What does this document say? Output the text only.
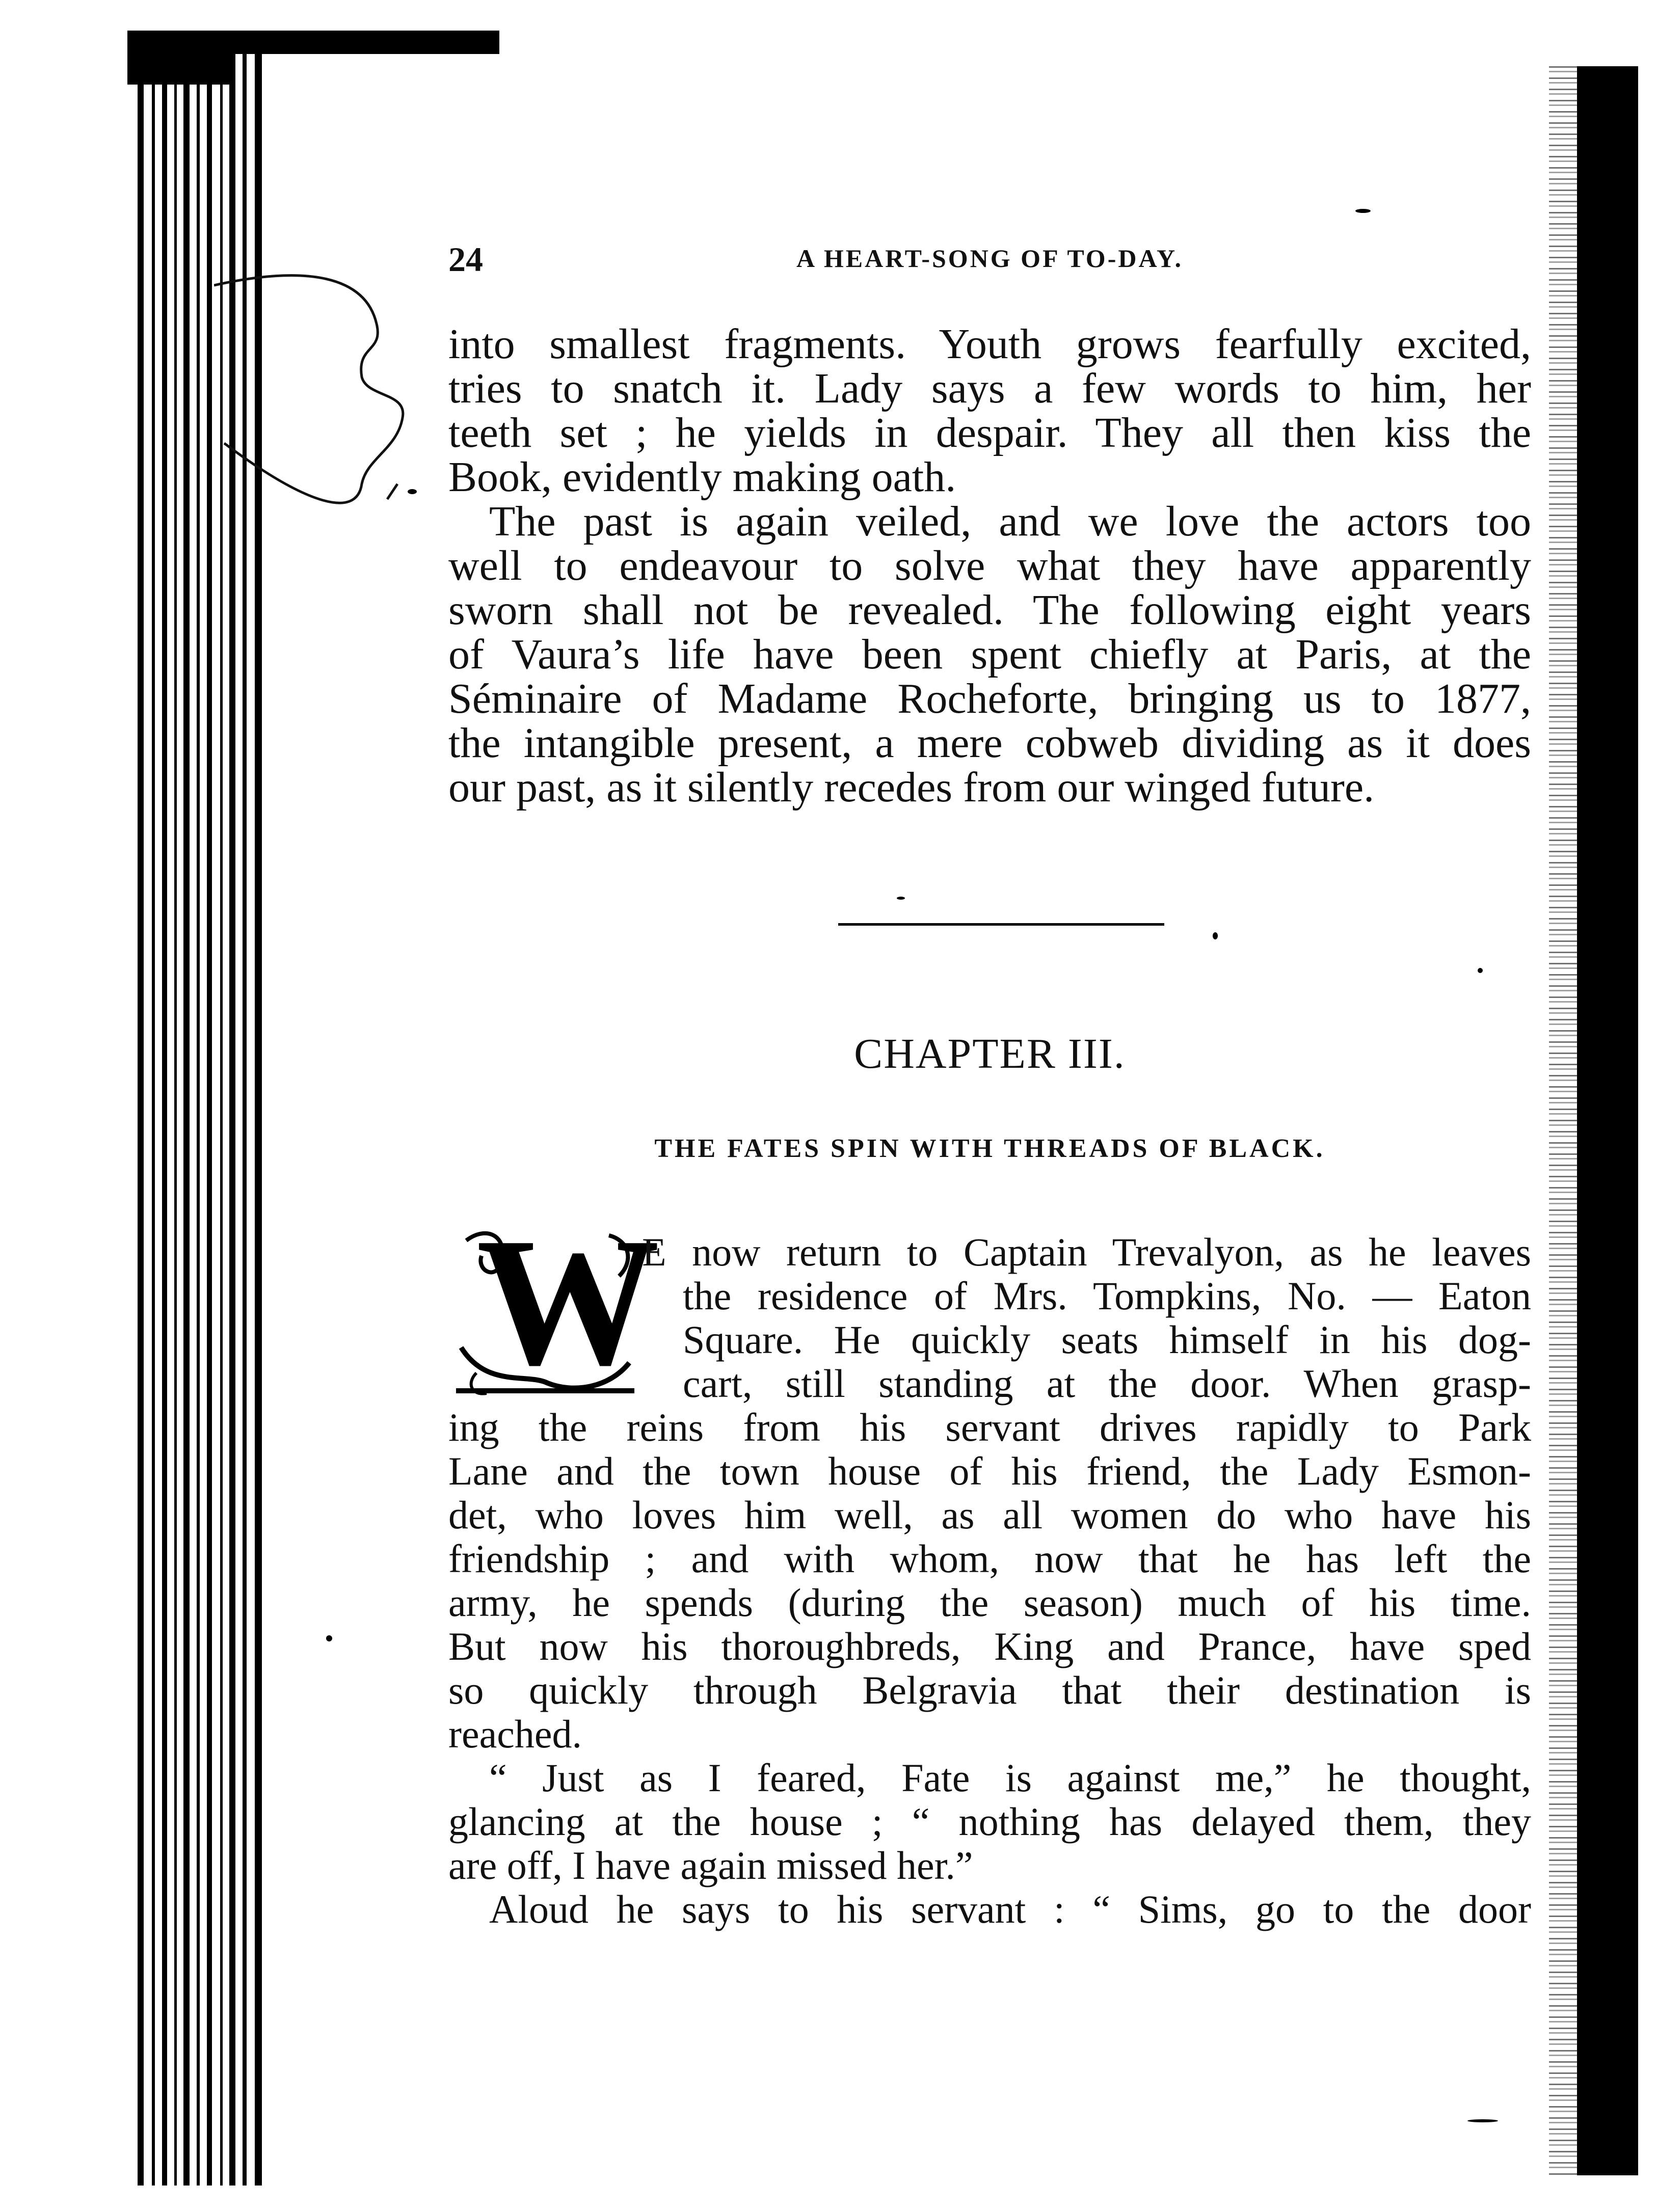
24	A HEART-SONG OF TO-DAY.
into smallest fragments. Youth grows fearfully excited,
tries to snatch it. Lady says a few words to him, her
teeth set ; he yields in despair. They all then kiss the
Book, evidently making oath.
The past is again veiled, and we love the actors too
well to endeavour to solve what they have apparently
sworn shall not be revealed. The following eight years
of Vaura’s life have been spent chiefly at Paris, at the
Séminaire of Madame Rocheforte, bringing us to 1877,
the intangible present, a mere cobweb dividing as it does
our past, as it silently recedes from our winged future.
CHAPTER III.
THE FATES SPIN WITH THREADS OF BLACK.
W
E now return to Captain Trevalyon, as he leaves
the residence of Mrs. Tompkins, No. — Eaton
Square. He quickly seats himself in his dog-
cart, still standing at the door. When grasp-
ing the reins from his servant drives rapidly to Park
Lane and the town house of his friend, the Lady Esmon-
det, who loves him well, as all women do who have his
friendship ; and with whom, now that he has left the
army, he spends (during the season) much of his time.
But now his thoroughbreds, King and Prance, have sped
so quickly through Belgravia that their destination is
reached.
“ Just as I feared, Fate is against me,” he thought,
glancing at the house ; “ nothing has delayed them, they
are off, I have again missed her.”
Aloud he says to his servant : “ Sims, go to the door
